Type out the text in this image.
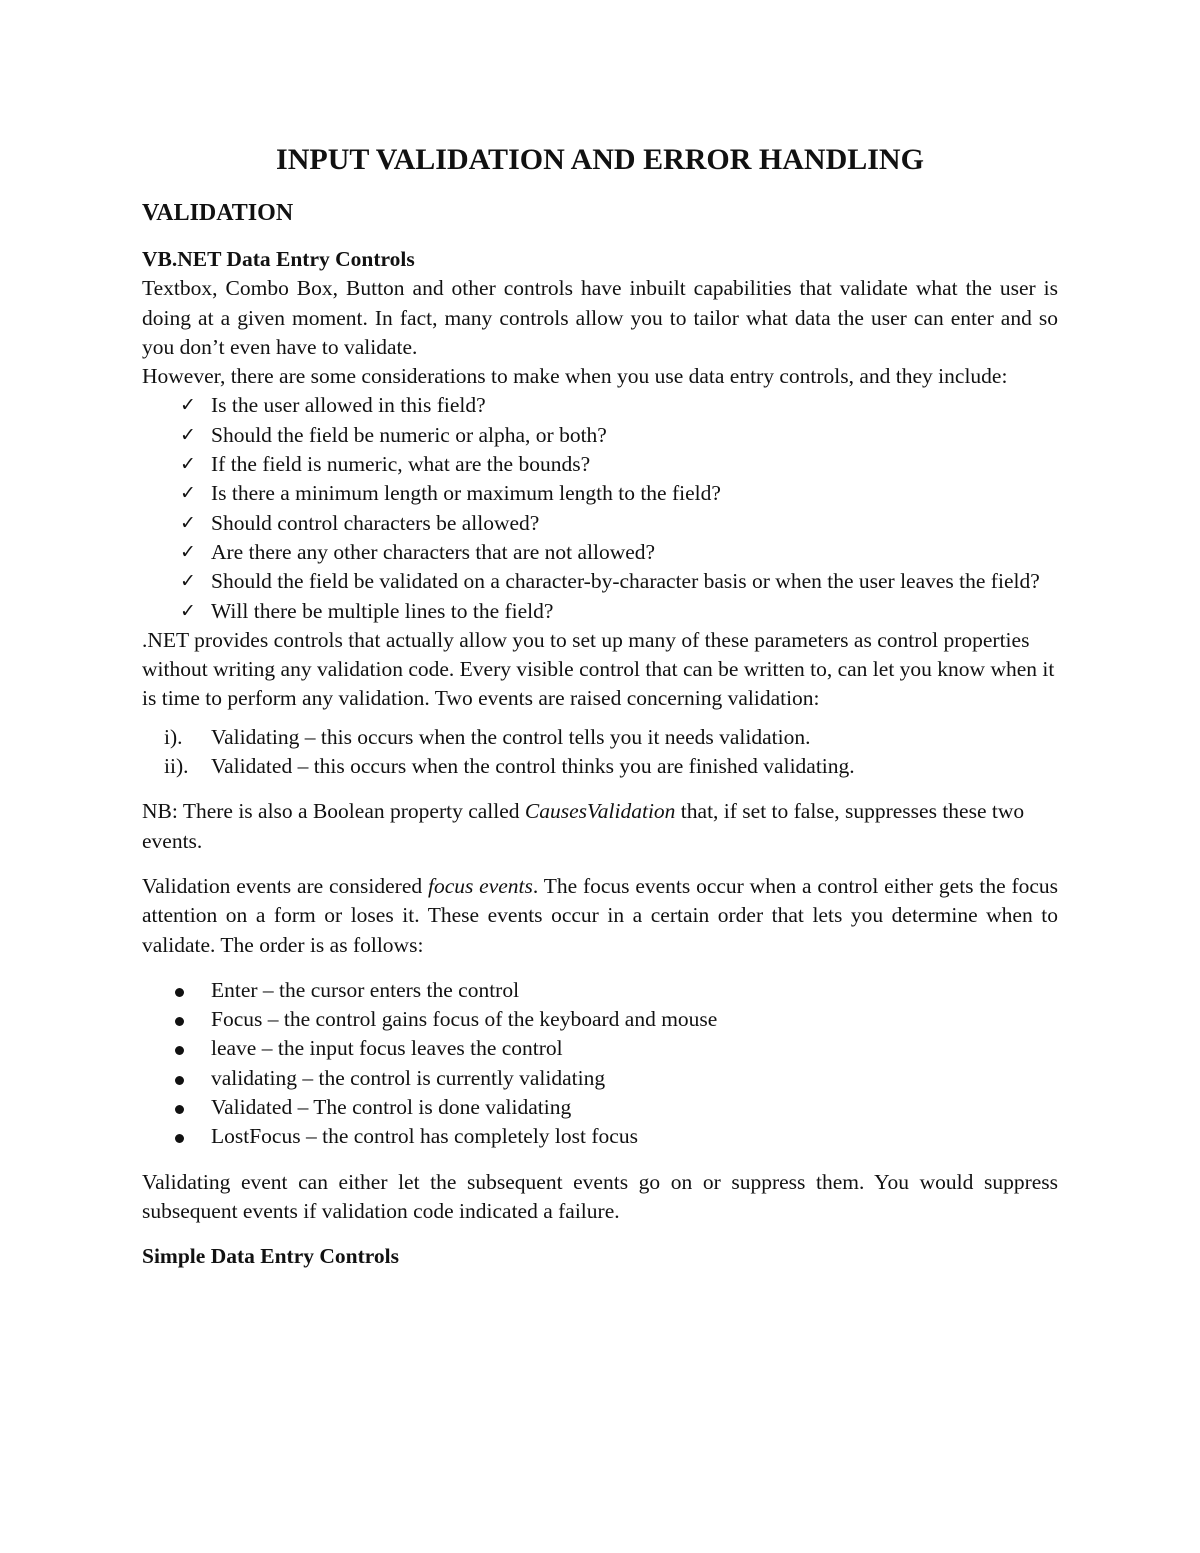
INPUT VALIDATION AND ERROR HANDLING
VALIDATION

VB.NET Data Entry Controls

Textbox, Combo Box, Button and other controls have inbuilt capabilities that validate what the user is doing at a given moment. In fact, many controls allow you to tailor what data the user can enter and so you don’t even have to validate.

However, there are some considerations to make when you use data entry controls, and they include:

✓ Is the user allowed in this field?
✓ Should the field be numeric or alpha, or both?
✓ If the field is numeric, what are the bounds?
✓ Is there a minimum length or maximum length to the field?
✓ Should control characters be allowed?
✓ Are there any other characters that are not allowed?
✓ Should the field be validated on a character-by-character basis or when the user leaves the field?
✓ Will there be multiple lines to the field?

.NET provides controls that actually allow you to set up many of these parameters as control properties without writing any validation code. Every visible control that can be written to, can let you know when it is time to perform any validation. Two events are raised concerning validation:

i). Validating – this occurs when the control tells you it needs validation.
ii). Validated – this occurs when the control thinks you are finished validating.

NB: There is also a Boolean property called CausesValidation that, if set to false, suppresses these two events.

Validation events are considered focus events. The focus events occur when a control either gets the focus attention on a form or loses it. These events occur in a certain order that lets you determine when to validate. The order is as follows:

Enter – the cursor enters the control
Focus – the control gains focus of the keyboard and mouse
leave – the input focus leaves the control
validating – the control is currently validating
Validated – The control is done validating
LostFocus – the control has completely lost focus

Validating event can either let the subsequent events go on or suppress them. You would suppress subsequent events if validation code indicated a failure.

Simple Data Entry Controls
